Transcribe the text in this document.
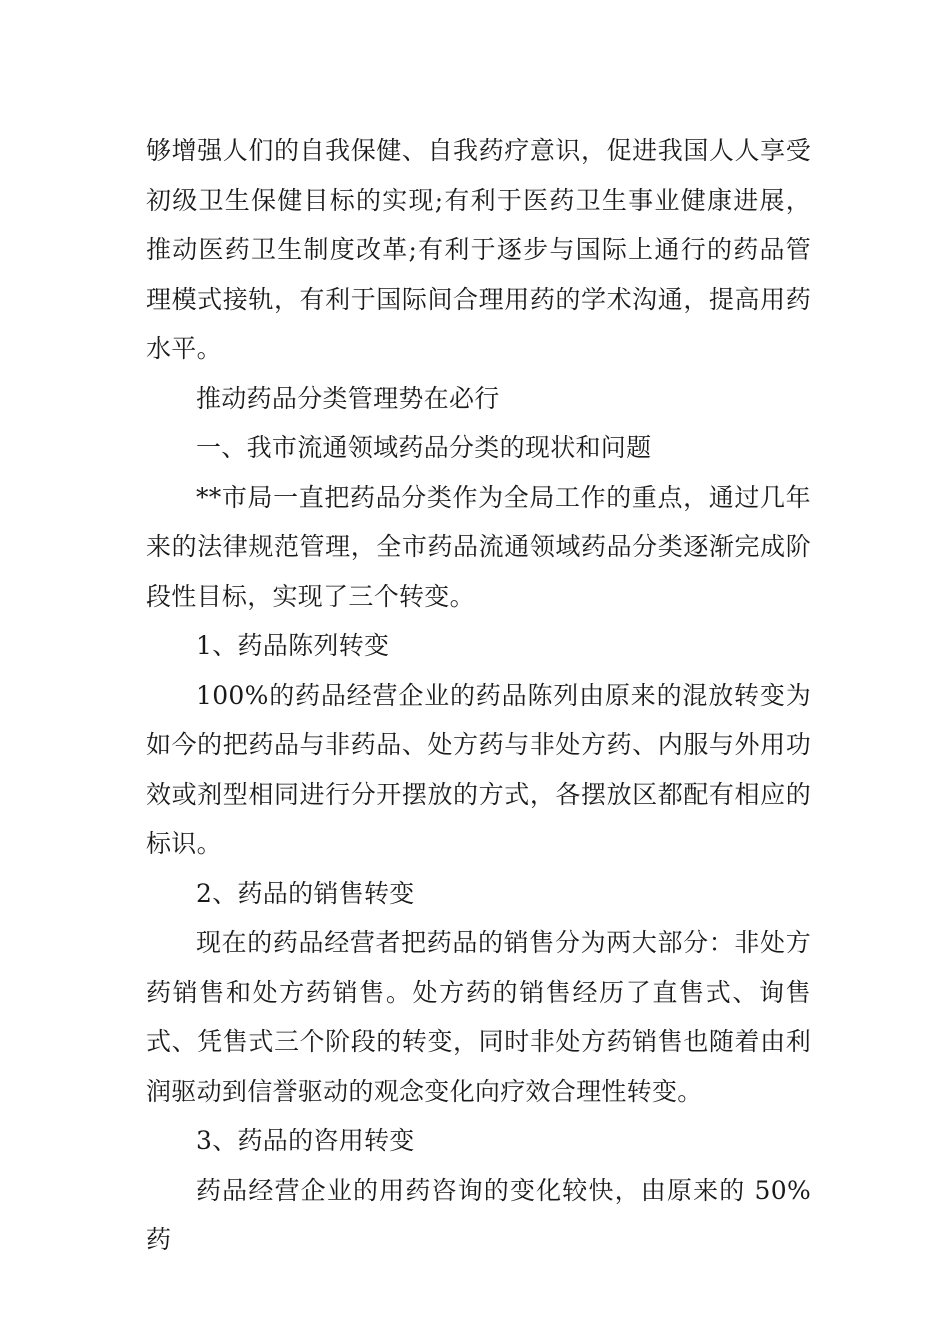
够增强人们的自我保健、自我药疗意识，促进我国人人享受初级卫生保健目标的实现;有利于医药卫生事业健康进展，推动医药卫生制度改革;有利于逐步与国际上通行的药品管理模式接轨，有利于国际间合理用药的学术沟通，提高用药水平。

推动药品分类管理势在必行

一、我市流通领域药品分类的现状和问题

**市局一直把药品分类作为全局工作的重点，通过几年来的法律规范管理，全市药品流通领域药品分类逐渐完成阶段性目标，实现了三个转变。

1、药品陈列转变

100%的药品经营企业的药品陈列由原来的混放转变为如今的把药品与非药品、处方药与非处方药、内服与外用功效或剂型相同进行分开摆放的方式，各摆放区都配有相应的标识。

2、药品的销售转变

现在的药品经营者把药品的销售分为两大部分：非处方药销售和处方药销售。处方药的销售经历了直售式、询售式、凭售式三个阶段的转变，同时非处方药销售也随着由利润驱动到信誉驱动的观念变化向疗效合理性转变。

3、药品的咨用转变

药品经营企业的用药咨询的变化较快，由原来的 50%药
